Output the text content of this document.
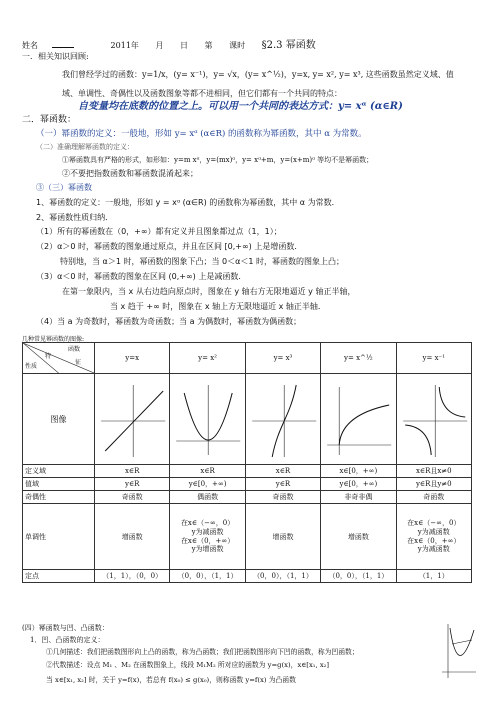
姓名	2011年 月 日 第 课时 §2.3 幂函数
一．相关知识回顾:
我们曾经学过的函数：y=1/x，(y= x⁻¹)，y= √x，(y= x^½)，y=x, y= x², y= x³, 这些函数虽然定义域、值
域、单调性、奇偶性以及函数图象等都不进相同，但它们都有一个共同的特点：
自变量均在底数的位置之上。可以用一个共同的表达方式：y= xᵅ (α∈R)
二．幂函数：
（一）幂函数的定义：一般地，形如 y= xᵅ (α∈R) 的函数称为幂函数，其中 α 为常数。
（二）准确理解幂函数的定义：
①幂函数具有严格的形式，如形如：y=m xᵅ，y=(mx)ᵅ，y= xᵅ+m，y=(x+m)ᵅ 等均不是幂函数；
②不要把指数函数和幂函数混淆起来；
③（三）幂函数
1、幂函数的定义：一般地，形如 y = xᵅ (α∈R) 的函数称为幂函数，其中 α 为常数．
2、幂函数性质归纳．
（1）所有的幂函数在（0，+∞）都有定义并且图象都过点（1，1）；
（2）α＞0 时，幂函数的图象通过原点，并且在区间 [0,+∞) 上是增函数．
特别地，当 α＞1 时，幂函数的图象下凸；当 0＜α＜1 时，幂函数的图象上凸；
（3）α＜0 时，幂函数的图象在区间 (0,+∞) 上是减函数．
在第一象限内，当 x 从右边趋向原点时，图象在 y 轴右方无限地逼近 y 轴正半轴，
当 x 趋于 +∞ 时，图象在 x 轴上方无限地逼近 x 轴正半轴．
（4）当 a 为奇数时，幂函数为奇函数；当 a 为偶数时，幂函数为偶函数；
几种常见幂函数的图像:
函数
特
征
性质	y=x	y= x²	y= x³	y= x^½	y= x⁻¹
图像	

定义域	x∈R	x∈R	x∈R	x∈[0，+∞)	x∈R且x≠0
值域	y∈R	y∈[0，+∞)	y∈R	y∈[0，+∞)	y∈R且y≠0
奇偶性	奇函数	偶函数	奇函数	非奇非偶	奇函数
单调性	增函数	在x∈（−∞，0）
y为减函数
在x∈（0，+∞）
y为增函数	增函数	增函数	在x∈（−∞，0）
y为减函数
在x∈（0，+∞）
y为减函数

定点	（1，1），（0，0）	（0，0），（1，1）	（0，0），（1，1）	（0，0），（1，1）	（1，1）
(四）幂函数与凹、凸函数：
1．凹、凸函数的定义：
①几何描述：我们把函数图形向上凸的函数，称为凸函数；我们把函数图形向下凹的函数，称为凹函数；
②代数描述：设点 M₁ 、M₂ 在函数图象上，线段 M₁M₂ 所对应的函数为 y=g(x)，x∈[x₁, x₂]
当 x∈[x₁, x₂] 时，关于 y=f(x)，若总有 f(x₀) ≤ g(x₀)，则称函数 y=f(x) 为凸函数
